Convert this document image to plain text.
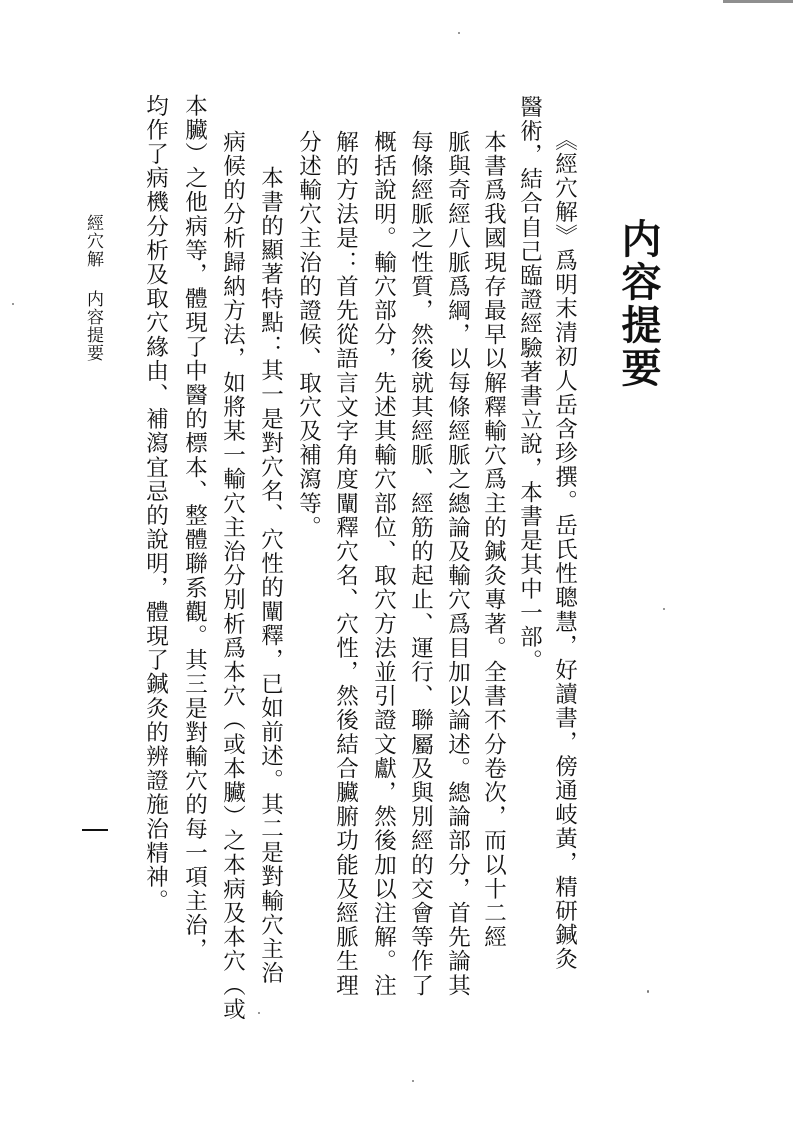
内容提要
《經穴解》爲明末清初人岳含珍撰。岳氏性聰慧，好讀書，傍通岐黃，精研鍼灸
醫術，結合自己臨證經驗著書立說，本書是其中一部。
本書爲我國現存最早以解釋輸穴爲主的鍼灸專著。全書不分卷次，而以十二經
脈與奇經八脈爲綱，以每條經脈之總論及輸穴爲目加以論述。總論部分，首先論其
每條經脈之性質，然後就其經脈、經筋的起止、運行、聯屬及與別經的交會等作了
概括說明。輸穴部分，先述其輸穴部位、取穴方法並引證文獻，然後加以注解。注
解的方法是：首先從語言文字角度闡釋穴名、穴性，然後結合臟腑功能及經脈生理
分述輸穴主治的證候、取穴及補瀉等。
本書的顯著特點：其一是對穴名、穴性的闡釋，已如前述。其二是對輸穴主治
病候的分析歸納方法，如將某一輸穴主治分別析爲本穴（或本臟）之本病及本穴（或
本臟）之他病等，體現了中醫的標本、整體聯系觀。其三是對輸穴的每一項主治，
均作了病機分析及取穴緣由、補瀉宜忌的說明，體現了鍼灸的辨證施治精神。
經穴解内容提要
